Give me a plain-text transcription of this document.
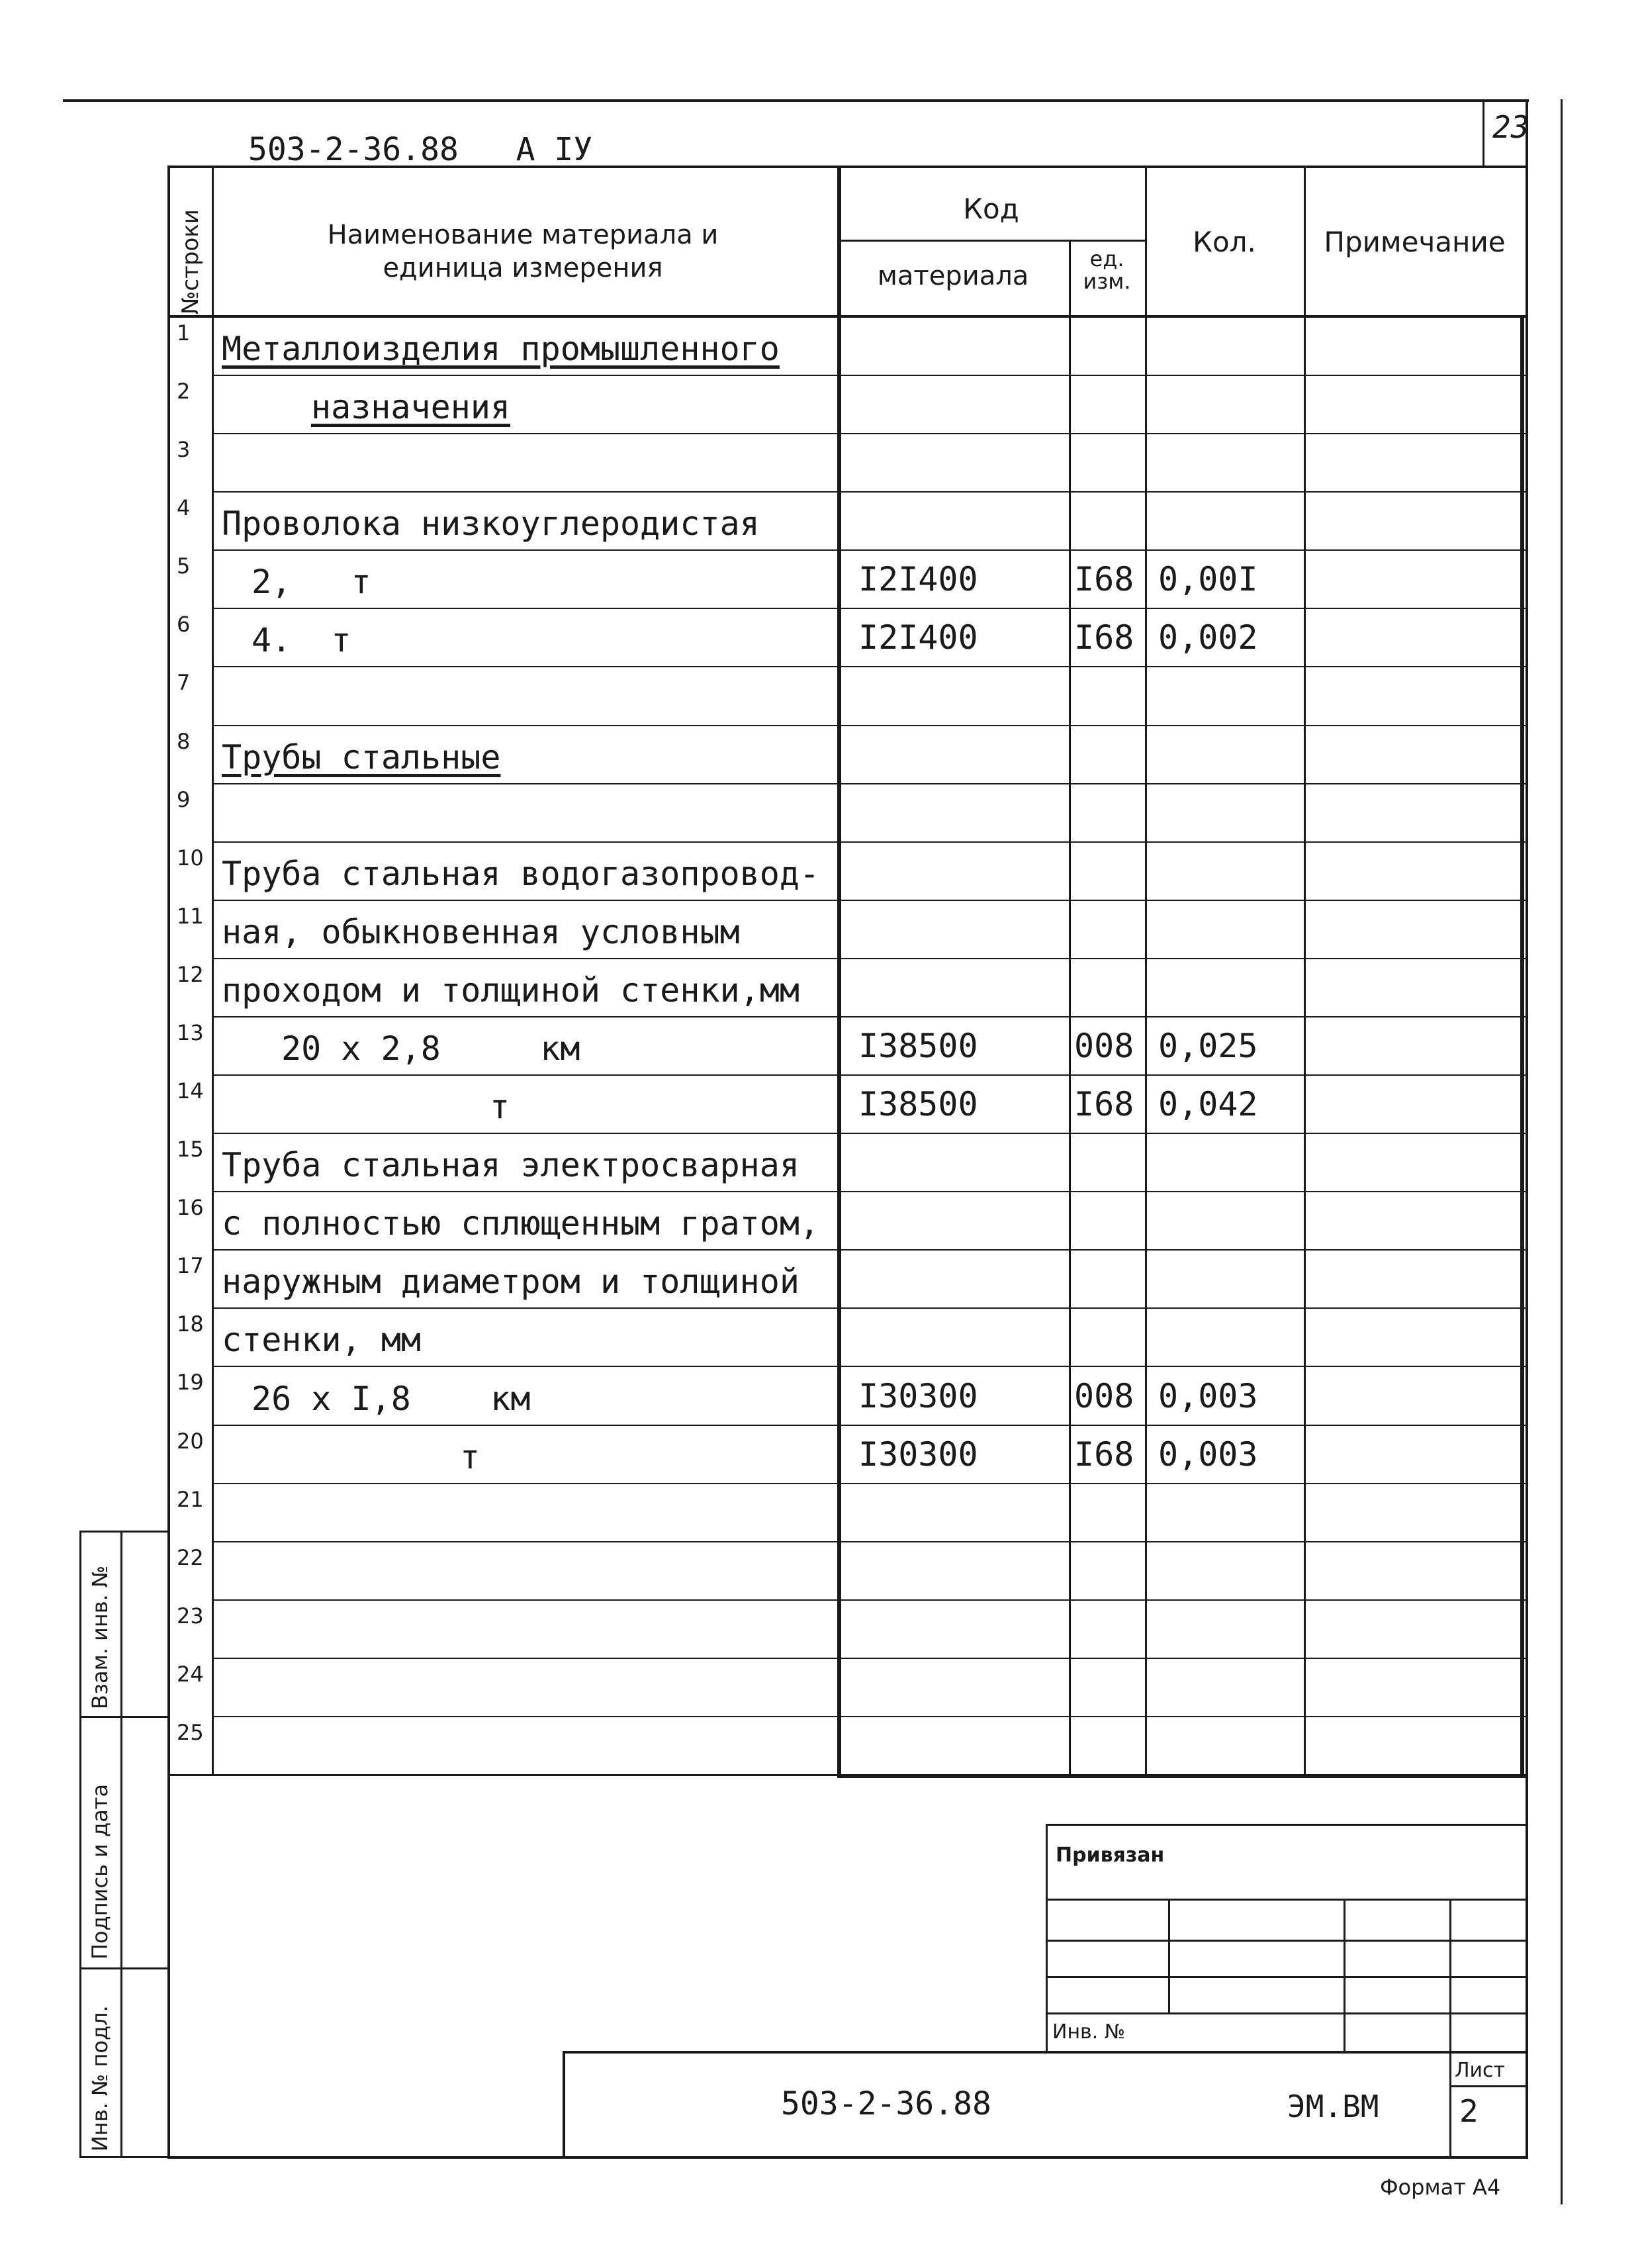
23
503-2-36.88   А IУ
№строки	Наименование материала и
единица измерения
Код
материала
ед.
изм.
Кол.	Примечание
1 Металлоизделия промышленного
2	назначения
3
4 Проволока низкоуглеродистая
5 2,   т	I2I400	I68 0,00I
6 4.  т	I2I400	I68 0,002
7
8 Трубы стальные
9
10 Труба стальная водогазопровод-
11 ная, обыкновенная условным
12 проходом и толщиной стенки,мм
13 20 х 2,8     км	I38500	008 0,025
14	т	I38500	I68 0,042
15 Труба стальная электросварная
16 с полностью сплющенным гратом,
17 наружным диаметром и толщиной
18 стенки, мм
19 26 х I,8    км	I30300	008 0,003
20	т	I30300	I68 0,003
21
22
23
24
25
Взам. инв. №
Подпись и дата
Инв. № подл.
Привязан
Инв. №
503-2-36.88	ЭМ.ВМ
Лист
2
Формат А4
